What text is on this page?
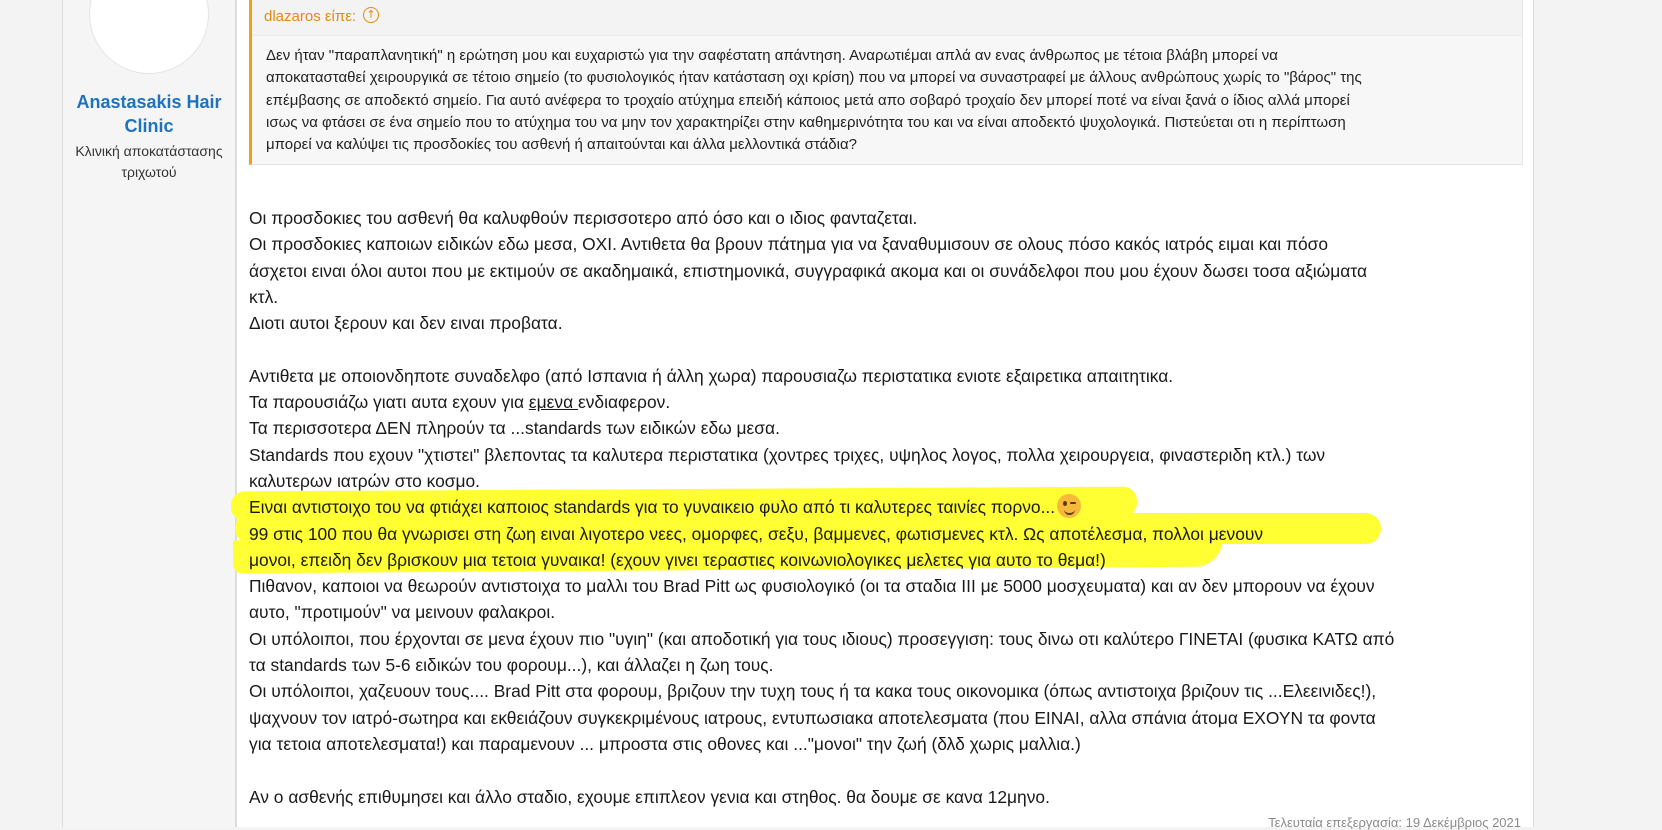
Anastasakis Hair Clinic
Κλινική αποκατάστασης τριχωτού
dlazaros είπε: ↑
Δεν ήταν "παραπλανητική" η ερώτηση μου και ευχαριστώ για την σαφέστατη απάντηση. Αναρωτιέμαι απλά αν ενας άνθρωπος με τέτοια βλάβη μπορεί να
αποκατασταθεί χειρουργικά σε τέτοιο σημείο (το φυσιολογικός ήταν κατάσταση οχι κρίση) που να μπορεί να συναστραφεί με άλλους ανθρώπους χωρίς το "βάρος" της
επέμβασης σε αποδεκτό σημείο. Για αυτό ανέφερα το τροχαίο ατύχημα επειδή κάποιος μετά απο σοβαρό τροχαίο δεν μπορεί ποτέ να είναι ξανά ο ίδιος αλλά μπορεί
ισως να φτάσει σε ένα σημείο που το ατύχημα του να μην τον χαρακτηρίζει στην καθημερινότητα του και να είναι αποδεκτό ψυχολογικά. Πιστεύεται οτι η περίπτωση
μπορεί να καλύψει τις προσδοκίες του ασθενή ή απαιτούνται και άλλα μελλοντικά στάδια?

Οι προσδοκιες του ασθενή θα καλυφθούν περισσοτερο από όσο και ο ιδιος φανταζεται.

Οι προσδοκιες καποιων ειδικών εδω μεσα, ΟΧΙ. Αντιθετα θα βρουν πάτημα για να ξαναθυμισουν σε ολους πόσο κακός ιατρός ειμαι και πόσο

άσχετοι ειναι όλοι αυτοι που με εκτιμούν σε ακαδημαικά, επιστημονικά, συγγραφικά ακομα και οι συνάδελφοι που μου έχουν δωσει τοσα αξιώματα

κτλ.

Διοτι αυτοι ξερουν και δεν ειναι προβατα.

Αντιθετα με οποιονδηποτε συναδελφο (από Ισπανια ή άλλη χωρα) παρουσιαζω περιστατικα ενιοτε εξαιρετικα απαιτητικα.

Τα παρουσιάζω γιατι αυτα εχουν για εμενα ενδιαφερον.

Τα περισσοτερα ΔΕΝ πληρούν τα ...standards των ειδικών εδω μεσα.

Standards που εχουν "χτιστει" βλεποντας τα καλυτερα περιστατικα (χοντρες τριχες, υψηλος λογος, πολλα χειρουργεια, φιναστεριδη κτλ.) των

καλυτερων ιατρών στο κοσμο.

Ειναι αντιστοιχο του να φτιάχει καποιος standards για το γυναικειο φυλο από τι καλυτερες ταινίες πορνο...

99 στις 100 που θα γνωρισει στη ζωη ειναι λιγοτερο νεες, ομορφες, σεξυ, βαμμενες, φωτισμενες κτλ. Ως αποτέλεσμα, πολλοι μενουν

μονοι, επειδη δεν βρισκουν μια τετοια γυναικα! (εχουν γινει τεραστιες κοινωνιολογικες μελετες για αυτο το θεμα!)

Πιθανον, καποιοι να θεωρούν αντιστοιχα το μαλλι του Brad Pitt ως φυσιολογικό (οι τα σταδια ΙΙΙ με 5000 μοσχευματα) και αν δεν μπορουν να έχουν

αυτο, "προτιμούν" να μεινουν φαλακροι.

Οι υπόλοιποι, που έρχονται σε μενα έχουν πιο "υγιη" (και αποδοτική για τους ιδιους) προσεγγιση: τους δινω οτι καλύτερο ΓΙΝΕΤΑΙ (φυσικα ΚΑΤΩ από

τα standards των 5-6 ειδικών του φορουμ...), και άλλαζει η ζωη τους.

Οι υπόλοιποι, χαζευουν τους.... Brad Pitt στα φορουμ, βριζουν την τυχη τους ή τα κακα τους οικονομικα (όπως αντιστοιχα βριζουν τις ...Ελεεινιδες!),

ψαχνουν τον ιατρό-σωτηρα και εκθειάζουν συγκεκριμένους ιατρους, εντυπωσιακα αποτελεσματα (που ΕΙΝΑΙ, αλλα σπάνια άτομα ΕΧΟΥΝ τα φοντα

για τετοια αποτελεσματα!) και παραμενουν ... μπροστα στις οθονες και ..."μονοι" την ζωή (δλδ χωρις μαλλια.)

Αν ο ασθενής επιθυμησει και άλλο σταδιο, εχουμε επιπλεον γενια και στηθος. θα δουμε σε κανα 12μηνο.

Τελευταία επεξεργασία: 19 Δεκέμβριος 2021
